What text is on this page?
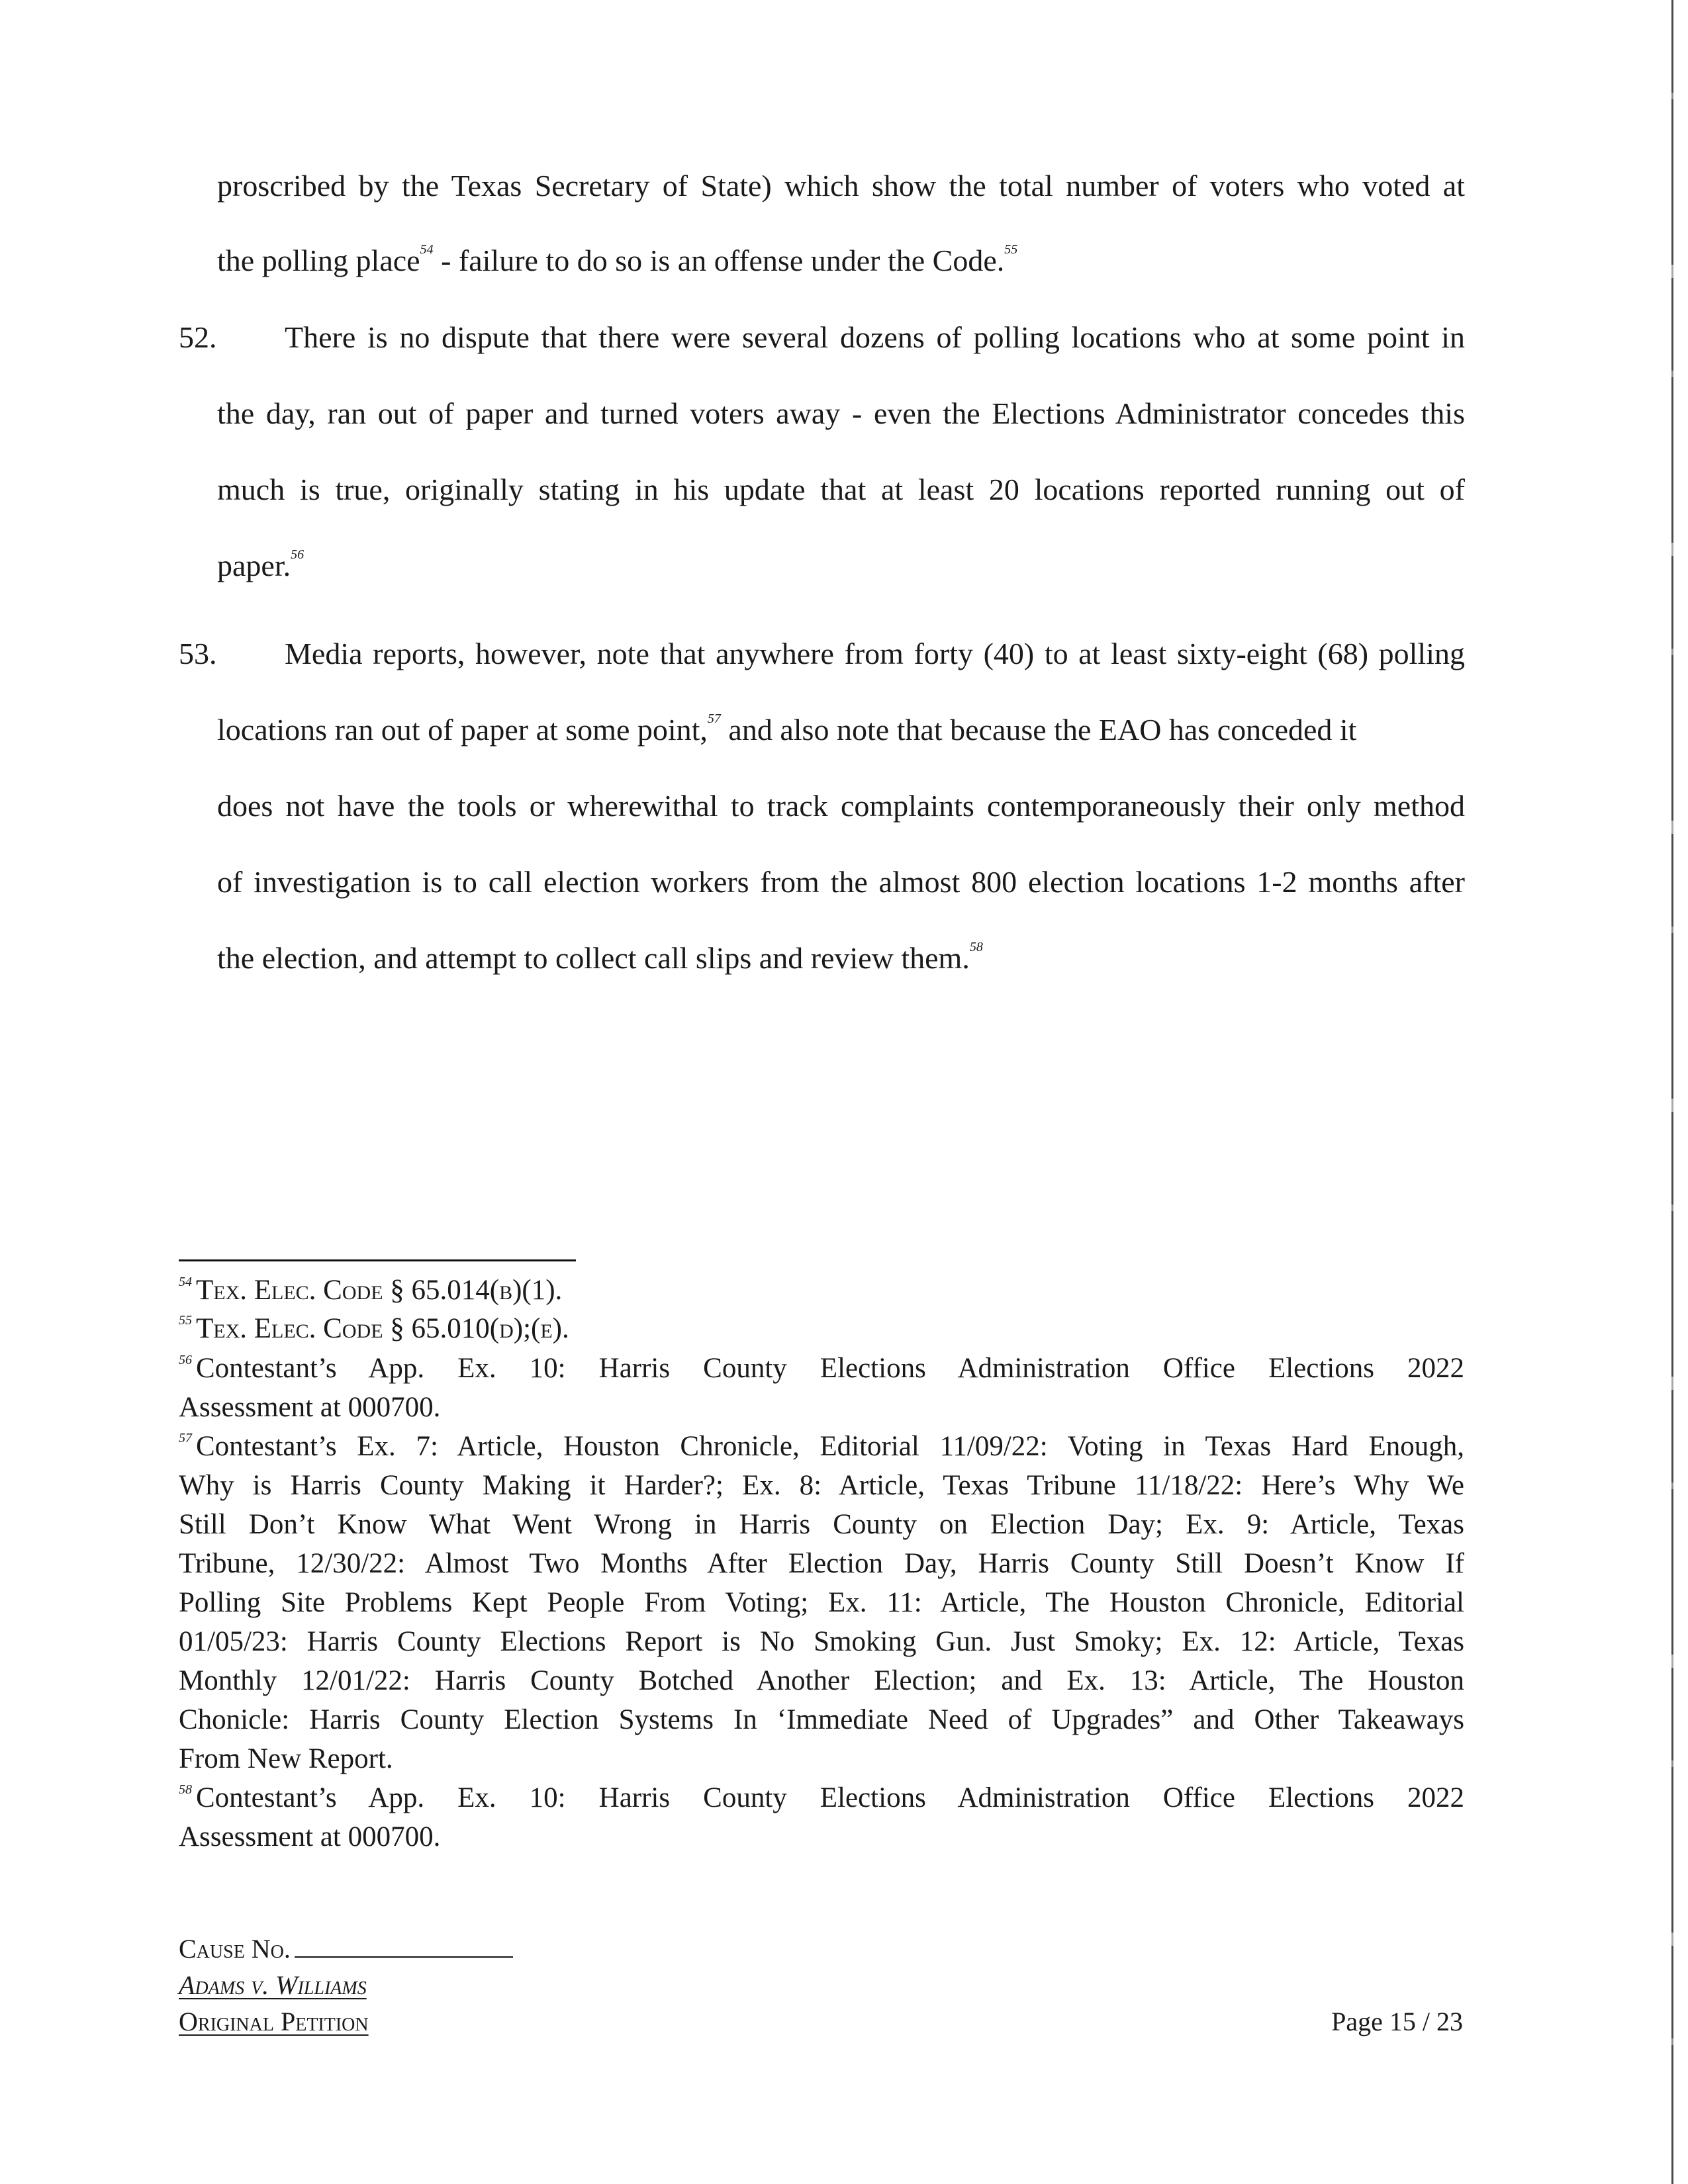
proscribed by the Texas Secretary of State) which show the total number of voters who voted at
the polling place$^{54}$ - failure to do so is an offense under the Code.$^{55}$
52. There is no dispute that there were several dozens of polling locations who at some point in
the day, ran out of paper and turned voters away - even the Elections Administrator concedes this
much is true, originally stating in his update that at least 20 locations reported running out of
paper.$^{56}$
53. Media reports, however, note that anywhere from forty (40) to at least sixty-eight (68) polling
locations ran out of paper at some point,$^{57}$ and also note that because the EAO has conceded it
does not have the tools or wherewithal to track complaints contemporaneously their only method
of investigation is to call election workers from the almost 800 election locations 1-2 months after
the election, and attempt to collect call slips and review them.$^{58}$
$^{54}$ Tex. Elec. Code § 65.014(b)(1).
$^{55}$ Tex. Elec. Code § 65.010(d);(e).
$^{56}$ Contestant’s App. Ex. 10: Harris County Elections Administration Office Elections 2022
Assessment at 000700.
$^{57}$ Contestant’s Ex. 7: Article, Houston Chronicle, Editorial 11/09/22: Voting in Texas Hard Enough,
Why is Harris County Making it Harder?; Ex. 8: Article, Texas Tribune 11/18/22: Here’s Why We
Still Don’t Know What Went Wrong in Harris County on Election Day; Ex. 9: Article, Texas
Tribune, 12/30/22: Almost Two Months After Election Day, Harris County Still Doesn’t Know If
Polling Site Problems Kept People From Voting; Ex. 11: Article, The Houston Chronicle, Editorial
01/05/23: Harris County Elections Report is No Smoking Gun. Just Smoky; Ex. 12: Article, Texas
Monthly 12/01/22: Harris County Botched Another Election; and Ex. 13: Article, The Houston
Chonicle: Harris County Election Systems In ‘Immediate Need of Upgrades” and Other Takeaways
From New Report.
$^{58}$ Contestant’s App. Ex. 10: Harris County Elections Administration Office Elections 2022
Assessment at 000700.
Cause No.
Adams v. Williams
Original Petition	Page 15 / 23
